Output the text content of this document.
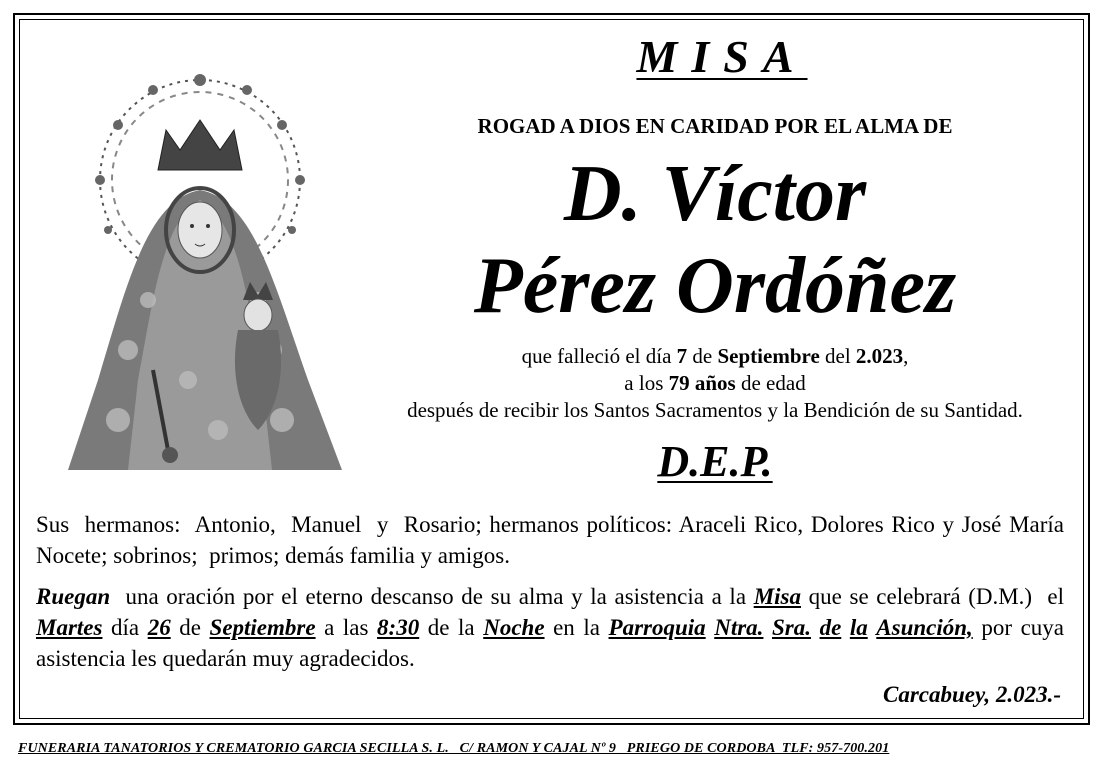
MISA
ROGAD A DIOS EN CARIDAD POR EL ALMA DE
D. Víctor
Pérez Ordóñez
que falleció el día 7 de Septiembre del 2.023,
a los 79 años de edad
después de recibir los Santos Sacramentos y la Bendición de su Santidad.
D.E.P.
Sus  hermanos:  Antonio,  Manuel  y  Rosario; hermanos políticos: Araceli Rico, Dolores Rico y José María Nocete; sobrinos;  primos; demás familia y amigos.
Ruegan  una oración por el eterno descanso de su alma y la asistencia a la Misa que se celebrará (D.M.)  el  Martes día 26 de Septiembre a las 8:30 de la Noche en la Parroquia Ntra. Sra. de la Asunción, por cuya asistencia les quedarán muy agradecidos.
Carcabuey, 2.023.-
FUNERARIA TANATORIOS Y CREMATORIO GARCIA SECILLA S. L.   C/ RAMON Y CAJAL Nº 9   PRIEGO DE CORDOBA  TLF: 957-700.201
